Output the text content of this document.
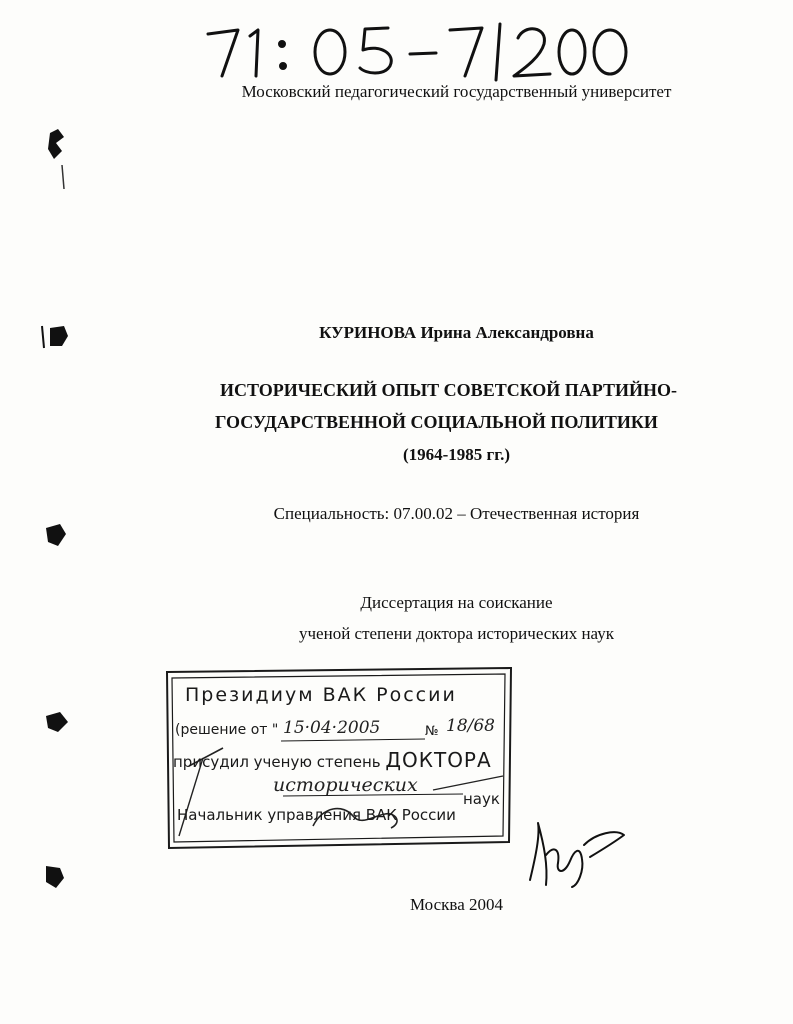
Московский педагогический государственный университет
КУРИНОВА Ирина Александровна
ИСТОРИЧЕСКИЙ ОПЫТ СОВЕТСКОЙ ПАРТИЙНО-
ГОСУДАРСТВЕННОЙ СОЦИАЛЬНОЙ ПОЛИТИКИ
(1964-1985 гг.)
Специальность: 07.00.02 – Отечественная история
Диссертация на соискание
ученой степени доктора исторических наук
Президиум ВАК России
(решение от " 15·04·2005	№ 18/68
присудил ученую степень ДОКТОРА
исторических
наук
Начальник управления ВАК России
Москва 2004
